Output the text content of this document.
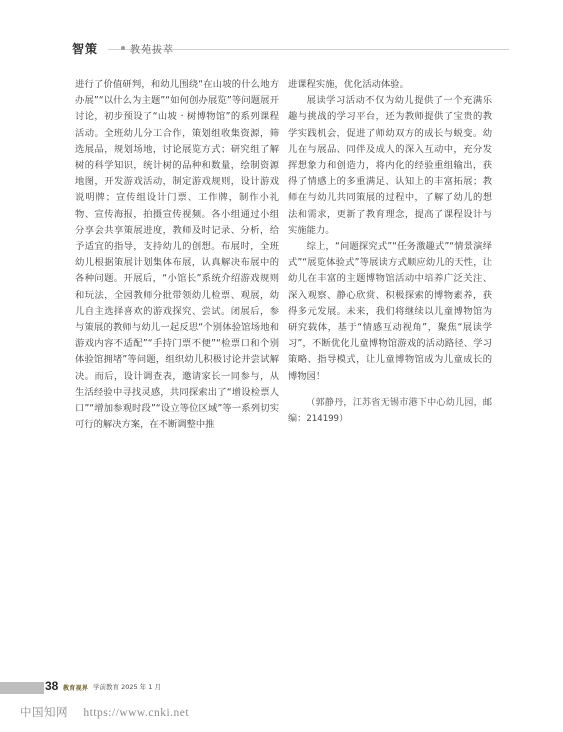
智策	教苑拔萃

进行了价值研判，和幼儿围绕“在山坡的什么地方办展”“以什么为主题”“如何创办展览”等问题展开讨论，初步预设了“山坡 · 树博物馆”的系列课程活动。全班幼儿分工合作，策划组收集资源，筛选展品，规划场地，讨论展览方式；研究组了解树的科学知识，统计树的品种和数量，绘制资源地图，开发游戏活动，制定游戏规则，设计游戏说明牌；宣传组设计门票、工作牌，制作小礼物、宣传海报，拍摄宣传视频。各小组通过小组分享会共享策展进度，教师及时记录、分析，给予适宜的指导，支持幼儿的创想。布展时，全班幼儿根据策展计划集体布展，认真解决布展中的各种问题。开展后，“小馆长”系统介绍游戏规则和玩法，全园教师分批带领幼儿检票、观展，幼儿自主选择喜欢的游戏探究、尝试。闭展后，参与策展的教师与幼儿一起反思“个别体验馆场地和游戏内容不适配”“手持门票不便”“检票口和个别体验馆拥堵”等问题，组织幼儿积极讨论并尝试解决。而后，设计调查表，邀请家长一同参与，从生活经验中寻找灵感，共同探索出了“增设检票人口”“增加参观时段”“设立等位区域”等一系列切实可行的解决方案，在不断调整中推

进课程实施，优化活动体验。

展读学习活动不仅为幼儿提供了一个充满乐趣与挑战的学习平台，还为教师提供了宝贵的教学实践机会，促进了师幼双方的成长与蜕变。幼儿在与展品、同伴及成人的深入互动中，充分发挥想象力和创造力，将内化的经验重组输出，获得了情感上的多重满足、认知上的丰富拓展；教师在与幼儿共同策展的过程中，了解了幼儿的想法和需求，更新了教育理念，提高了课程设计与实施能力。

综上，“问题探究式”“任务激趣式”“情景演绎式”“展览体验式”等展读方式顺应幼儿的天性，让幼儿在丰富的主题博物馆活动中培养广泛关注、深入观察、静心欣赏、积极探索的博物素养，获得多元发展。未来，我们将继续以儿童博物馆为研究载体，基于“情感互动视角”，聚焦“展读学习”，不断优化儿童博物馆游戏的活动路径、学习策略、指导模式，让儿童博物馆成为儿童成长的博物园！

（郭静丹，江苏省无锡市港下中心幼儿园，邮编：214199）

38 教育视界 学前教育 2025 年 1 月
中国知网 https://www.cnki.net
